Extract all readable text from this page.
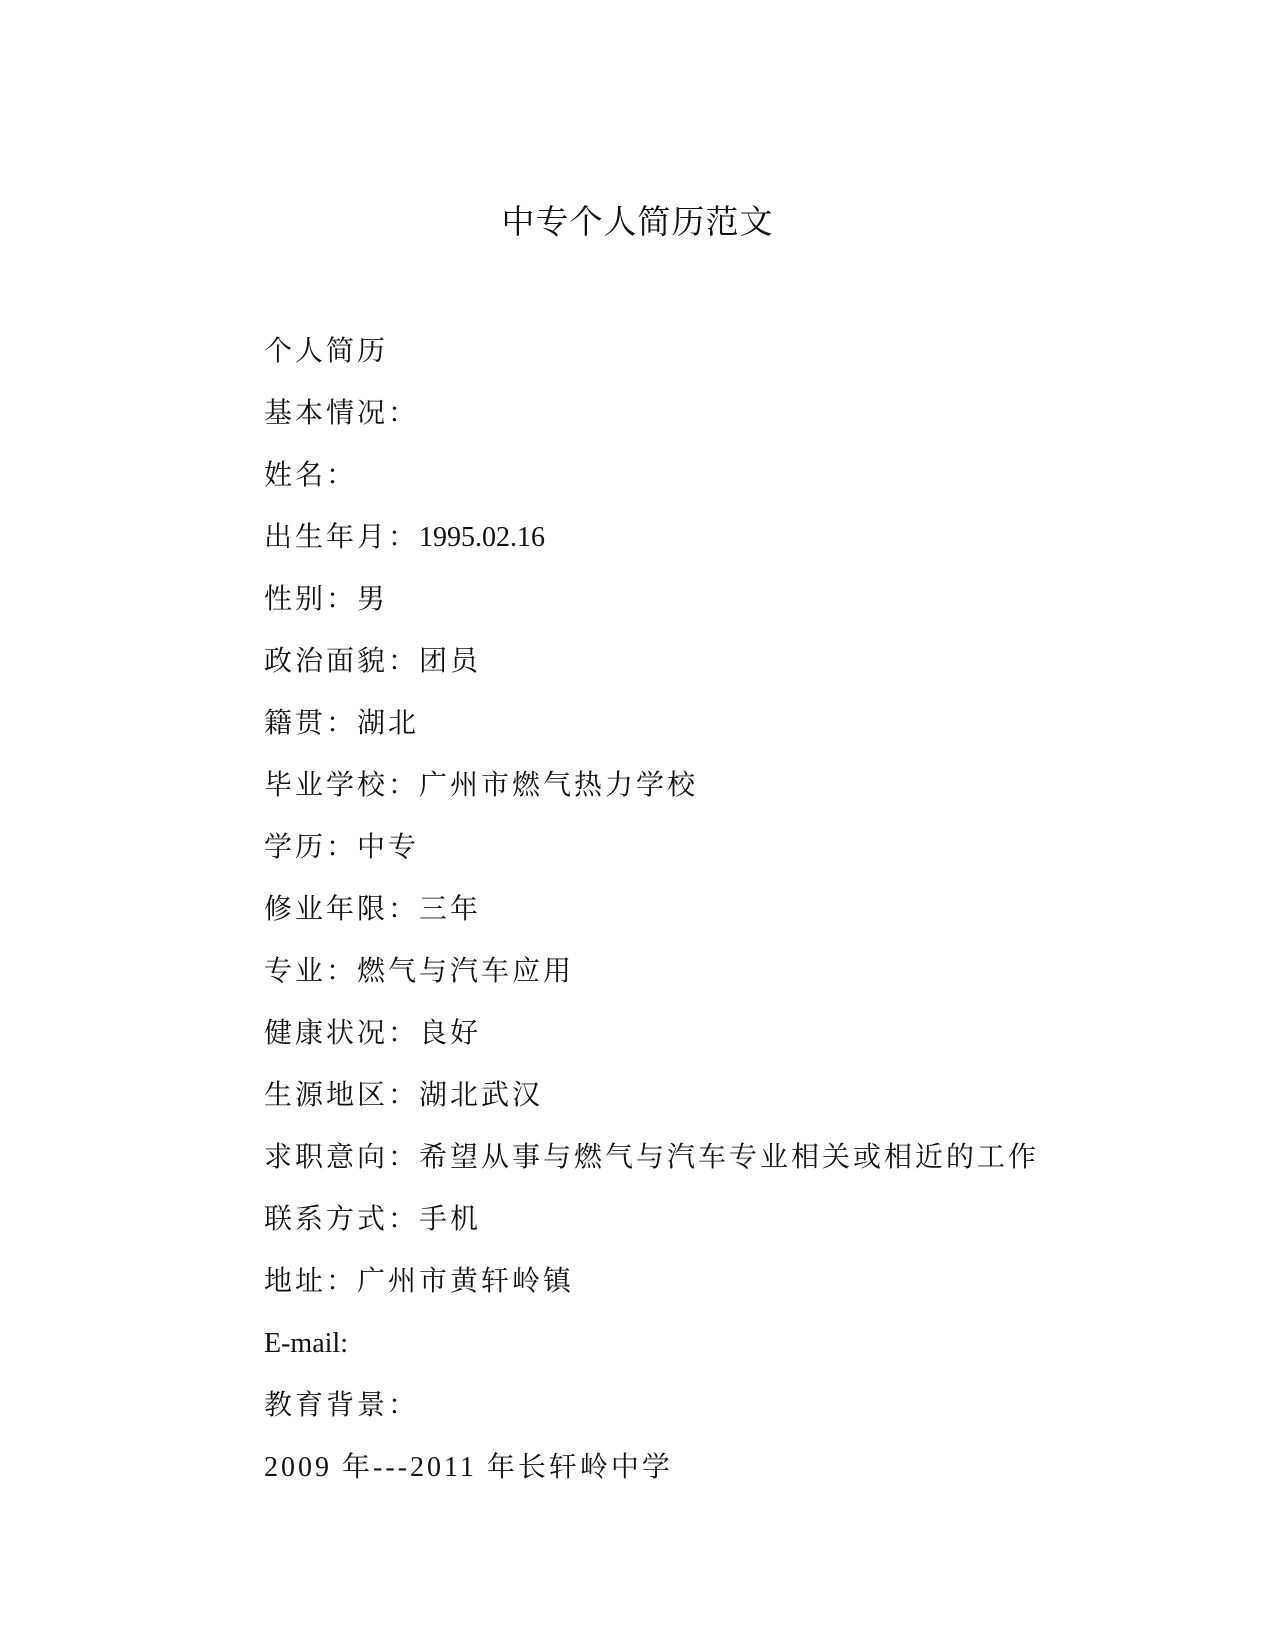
中专个人简历范文
个人简历
基本情况：
姓名：
出生年月：1995.02.16
性别：男
政治面貌：团员
籍贯：湖北
毕业学校：广州市燃气热力学校
学历：中专
修业年限：三年
专业：燃气与汽车应用
健康状况：良好
生源地区：湖北武汉
求职意向：希望从事与燃气与汽车专业相关或相近的工作
联系方式：手机
地址：广州市黄轩岭镇
E-mail:
教育背景：
2009 年---2011 年长轩岭中学
